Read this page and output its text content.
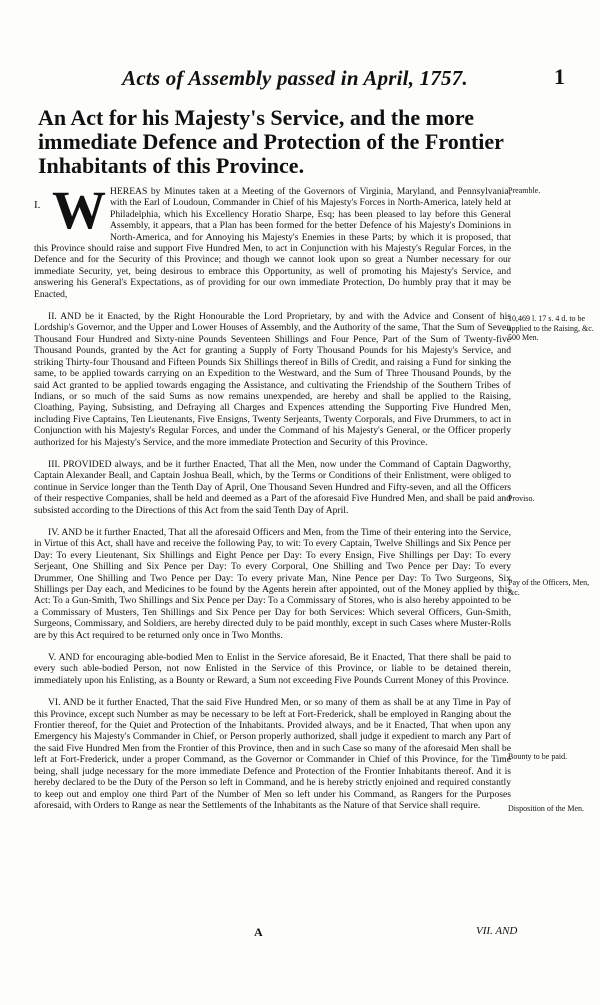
Acts of Assembly passed in April, 1757.	1
An Act for his Majesty's Service, and the more immediate Defence and Protection of the Frontier Inhabitants of this Province.

I. W HEREAS by Minutes taken at a Meeting of the Governors of Virginia, Maryland, and Pennsylvania, with the Earl of Loudoun, Commander in Chief of his Majesty's Forces in North-America, lately held at Philadelphia, which his Excellency Horatio Sharpe, Esq; has been pleased to lay before this General Assembly, it appears, that a Plan has been formed for the better Defence of his Majesty's Dominions in North-America, and for Annoying his Majesty's Enemies in these Parts; by which it is proposed, that this Province should raise and support Five Hundred Men, to act in Conjunction with his Majesty's Regular Forces, in the Defence and for the Security of this Province; and though we cannot look upon so great a Number necessary for our immediate Security, yet, being desirous to embrace this Opportunity, as well of promoting his Majesty's Service, and answering his General's Expectations, as of providing for our own immediate Protection, Do humbly pray that it may be Enacted,

II. AND be it Enacted, by the Right Honourable the Lord Proprietary, by and with the Advice and Consent of his Lordship's Governor, and the Upper and Lower Houses of Assembly, and the Authority of the same, That the Sum of Seven Thousand Four Hundred and Sixty-nine Pounds Seventeen Shillings and Four Pence, Part of the Sum of Twenty-five Thousand Pounds, granted by the Act for granting a Supply of Forty Thousand Pounds for his Majesty's Service, and striking Thirty-four Thousand and Fifteen Pounds Six Shillings thereof in Bills of Credit, and raising a Fund for sinking the same, to be applied towards carrying on an Expedition to the Westward, and the Sum of Three Thousand Pounds, by the said Act granted to be applied towards engaging the Assistance, and cultivating the Friendship of the Southern Tribes of Indians, or so much of the said Sums as now remains unexpended, are hereby and shall be applied to the Raising, Cloathing, Paying, Subsisting, and Defraying all Charges and Expences attending the Supporting Five Hundred Men, including Five Captains, Ten Lieutenants, Five Ensigns, Twenty Serjeants, Twenty Corporals, and Five Drummers, to act in Conjunction with his Majesty's Regular Forces, and under the Command of his Majesty's General, or the Officer properly authorized for his Majesty's Service, and the more immediate Protection and Security of this Province.

III. PROVIDED always, and be it further Enacted, That all the Men, now under the Command of Captain Dagworthy, Captain Alexander Beall, and Captain Joshua Beall, which, by the Terms or Conditions of their Enlistment, were obliged to continue in Service longer than the Tenth Day of April, One Thousand Seven Hundred and Fifty-seven, and all the Officers of their respective Companies, shall be held and deemed as a Part of the aforesaid Five Hundred Men, and shall be paid and subsisted according to the Directions of this Act from the said Tenth Day of April.

IV. AND be it further Enacted, That all the aforesaid Officers and Men, from the Time of their entering into the Service, in Virtue of this Act, shall have and receive the following Pay, to wit: To every Captain, Twelve Shillings and Six Pence per Day: To every Lieutenant, Six Shillings and Eight Pence per Day: To every Ensign, Five Shillings per Day: To every Serjeant, One Shilling and Six Pence per Day: To every Corporal, One Shilling and Two Pence per Day: To every Drummer, One Shilling and Two Pence per Day: To every private Man, Nine Pence per Day: To Two Surgeons, Six Shillings per Day each, and Medicines to be found by the Agents herein after appointed, out of the Money applied by this Act: To a Gun-Smith, Two Shillings and Six Pence per Day: To a Commissary of Stores, who is also hereby appointed to be a Commissary of Musters, Ten Shillings and Six Pence per Day for both Services: Which several Officers, Gun-Smith, Surgeons, Commissary, and Soldiers, are hereby directed duly to be paid monthly, except in such Cases where Muster-Rolls are by this Act required to be returned only once in Two Months.

V. AND for encouraging able-bodied Men to Enlist in the Service aforesaid, Be it Enacted, That there shall be paid to every such able-bodied Person, not now Enlisted in the Service of this Province, or liable to be detained therein, immediately upon his Enlisting, as a Bounty or Reward, a Sum not exceeding Five Pounds Current Money of this Province.

VI. AND be it further Enacted, That the said Five Hundred Men, or so many of them as shall be at any Time in Pay of this Province, except such Number as may be necessary to be left at Fort-Frederick, shall be employed in Ranging about the Frontier thereof, for the Quiet and Protection of the Inhabitants. Provided always, and be it Enacted, That when upon any Emergency his Majesty's Commander in Chief, or Person properly authorized, shall judge it expedient to march any Part of the said Five Hundred Men from the Frontier of this Province, then and in such Case so many of the aforesaid Men shall be left at Fort-Frederick, under a proper Command, as the Governor or Commander in Chief of this Province, for the Time being, shall judge necessary for the more immediate Defence and Protection of the Frontier Inhabitants thereof. And it is hereby declared to be the Duty of the Person so left in Command, and he is hereby strictly enjoined and required constantly to keep out and employ one third Part of the Number of Men so left under his Command, as Rangers for the Purposes aforesaid, with Orders to Range as near the Settlements of the Inhabitants as the Nature of that Service shall require.

Preamble.
10,469 l. 17 s. 4 d. to be applied to the Raising, &c. 500 Men.
Proviso.
Pay of the Officers, Men, &c.
Bounty to be paid.
Disposition of the Men.
A	VII. AND
